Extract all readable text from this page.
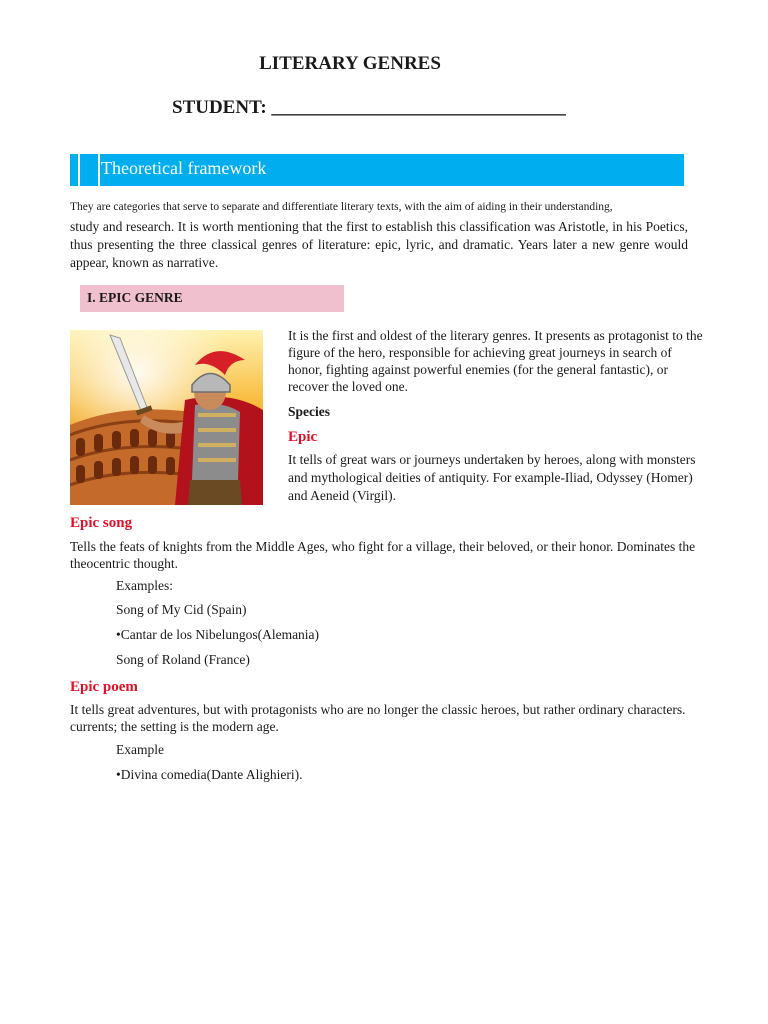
LITERARY GENRES
STUDENT: _______________________________
Theoretical framework
They are categories that serve to separate and differentiate literary texts, with the aim of aiding in their understanding,
study and research. It is worth mentioning that the first to establish this classification was Aristotle, in his Poetics, thus presenting the three classical genres of literature: epic, lyric, and dramatic. Years later a new genre would appear, known as narrative.
I. EPIC GENRE
It is the first and oldest of the literary genres. It presents as protagonist to the figure of the hero, responsible for achieving great journeys in search of honor, fighting against powerful enemies (for the general fantastic), or recover the loved one.
Species
Epic
It tells of great wars or journeys undertaken by heroes, along with monsters and mythological deities of antiquity. For example-Iliad, Odyssey (Homer) and Aeneid (Virgil).
Epic song
Tells the feats of knights from the Middle Ages, who fight for a village, their beloved, or their honor. Dominates the theocentric thought.
Examples:
Song of My Cid (Spain)
•Cantar de los Nibelungos(Alemania)
Song of Roland (France)
Epic poem
It tells great adventures, but with protagonists who are no longer the classic heroes, but rather ordinary characters. currents; the setting is the modern age.
Example
•Divina comedia(Dante Alighieri).
